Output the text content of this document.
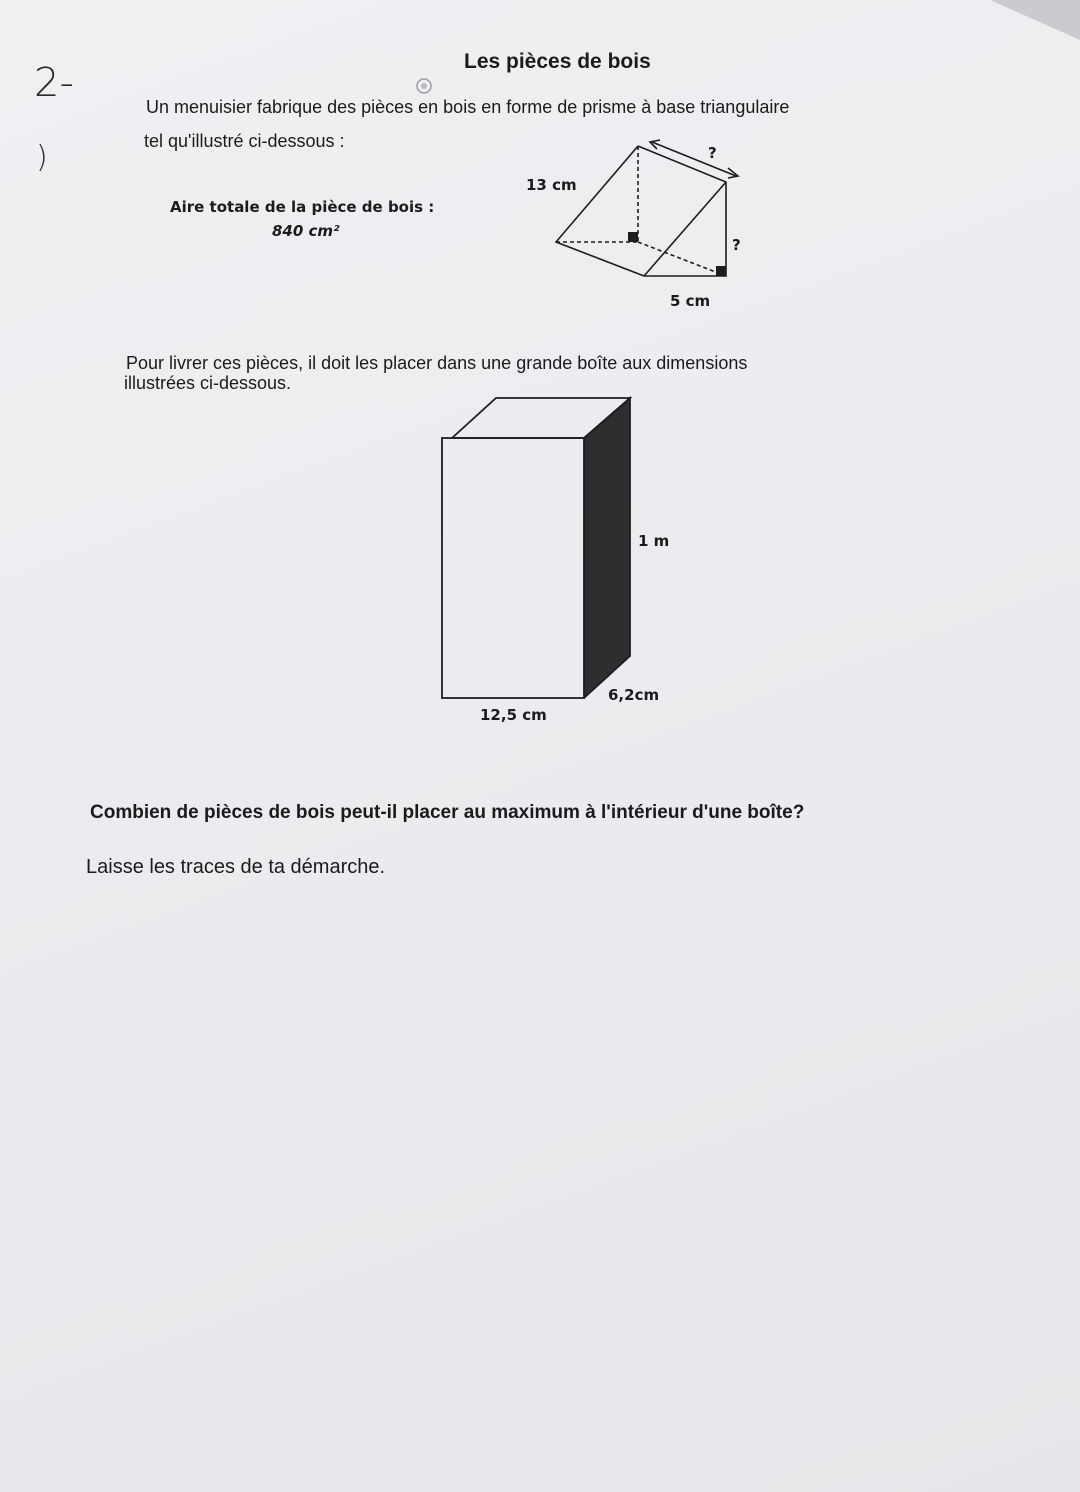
2-

)

Les pièces de bois

Un menuisier fabrique des pièces en bois en forme de prisme à base triangulaire

tel qu'illustré ci-dessous :

Aire totale de la pièce de bois :

840 cm²

13 cm

?

?

5 cm

Pour livrer ces pièces, il doit les placer dans une grande boîte aux dimensions

illustrées ci-dessous.

1 m

6,2cm

12,5 cm

Combien de pièces de bois peut-il placer au maximum à l'intérieur d'une boîte?

Laisse les traces de ta démarche.
